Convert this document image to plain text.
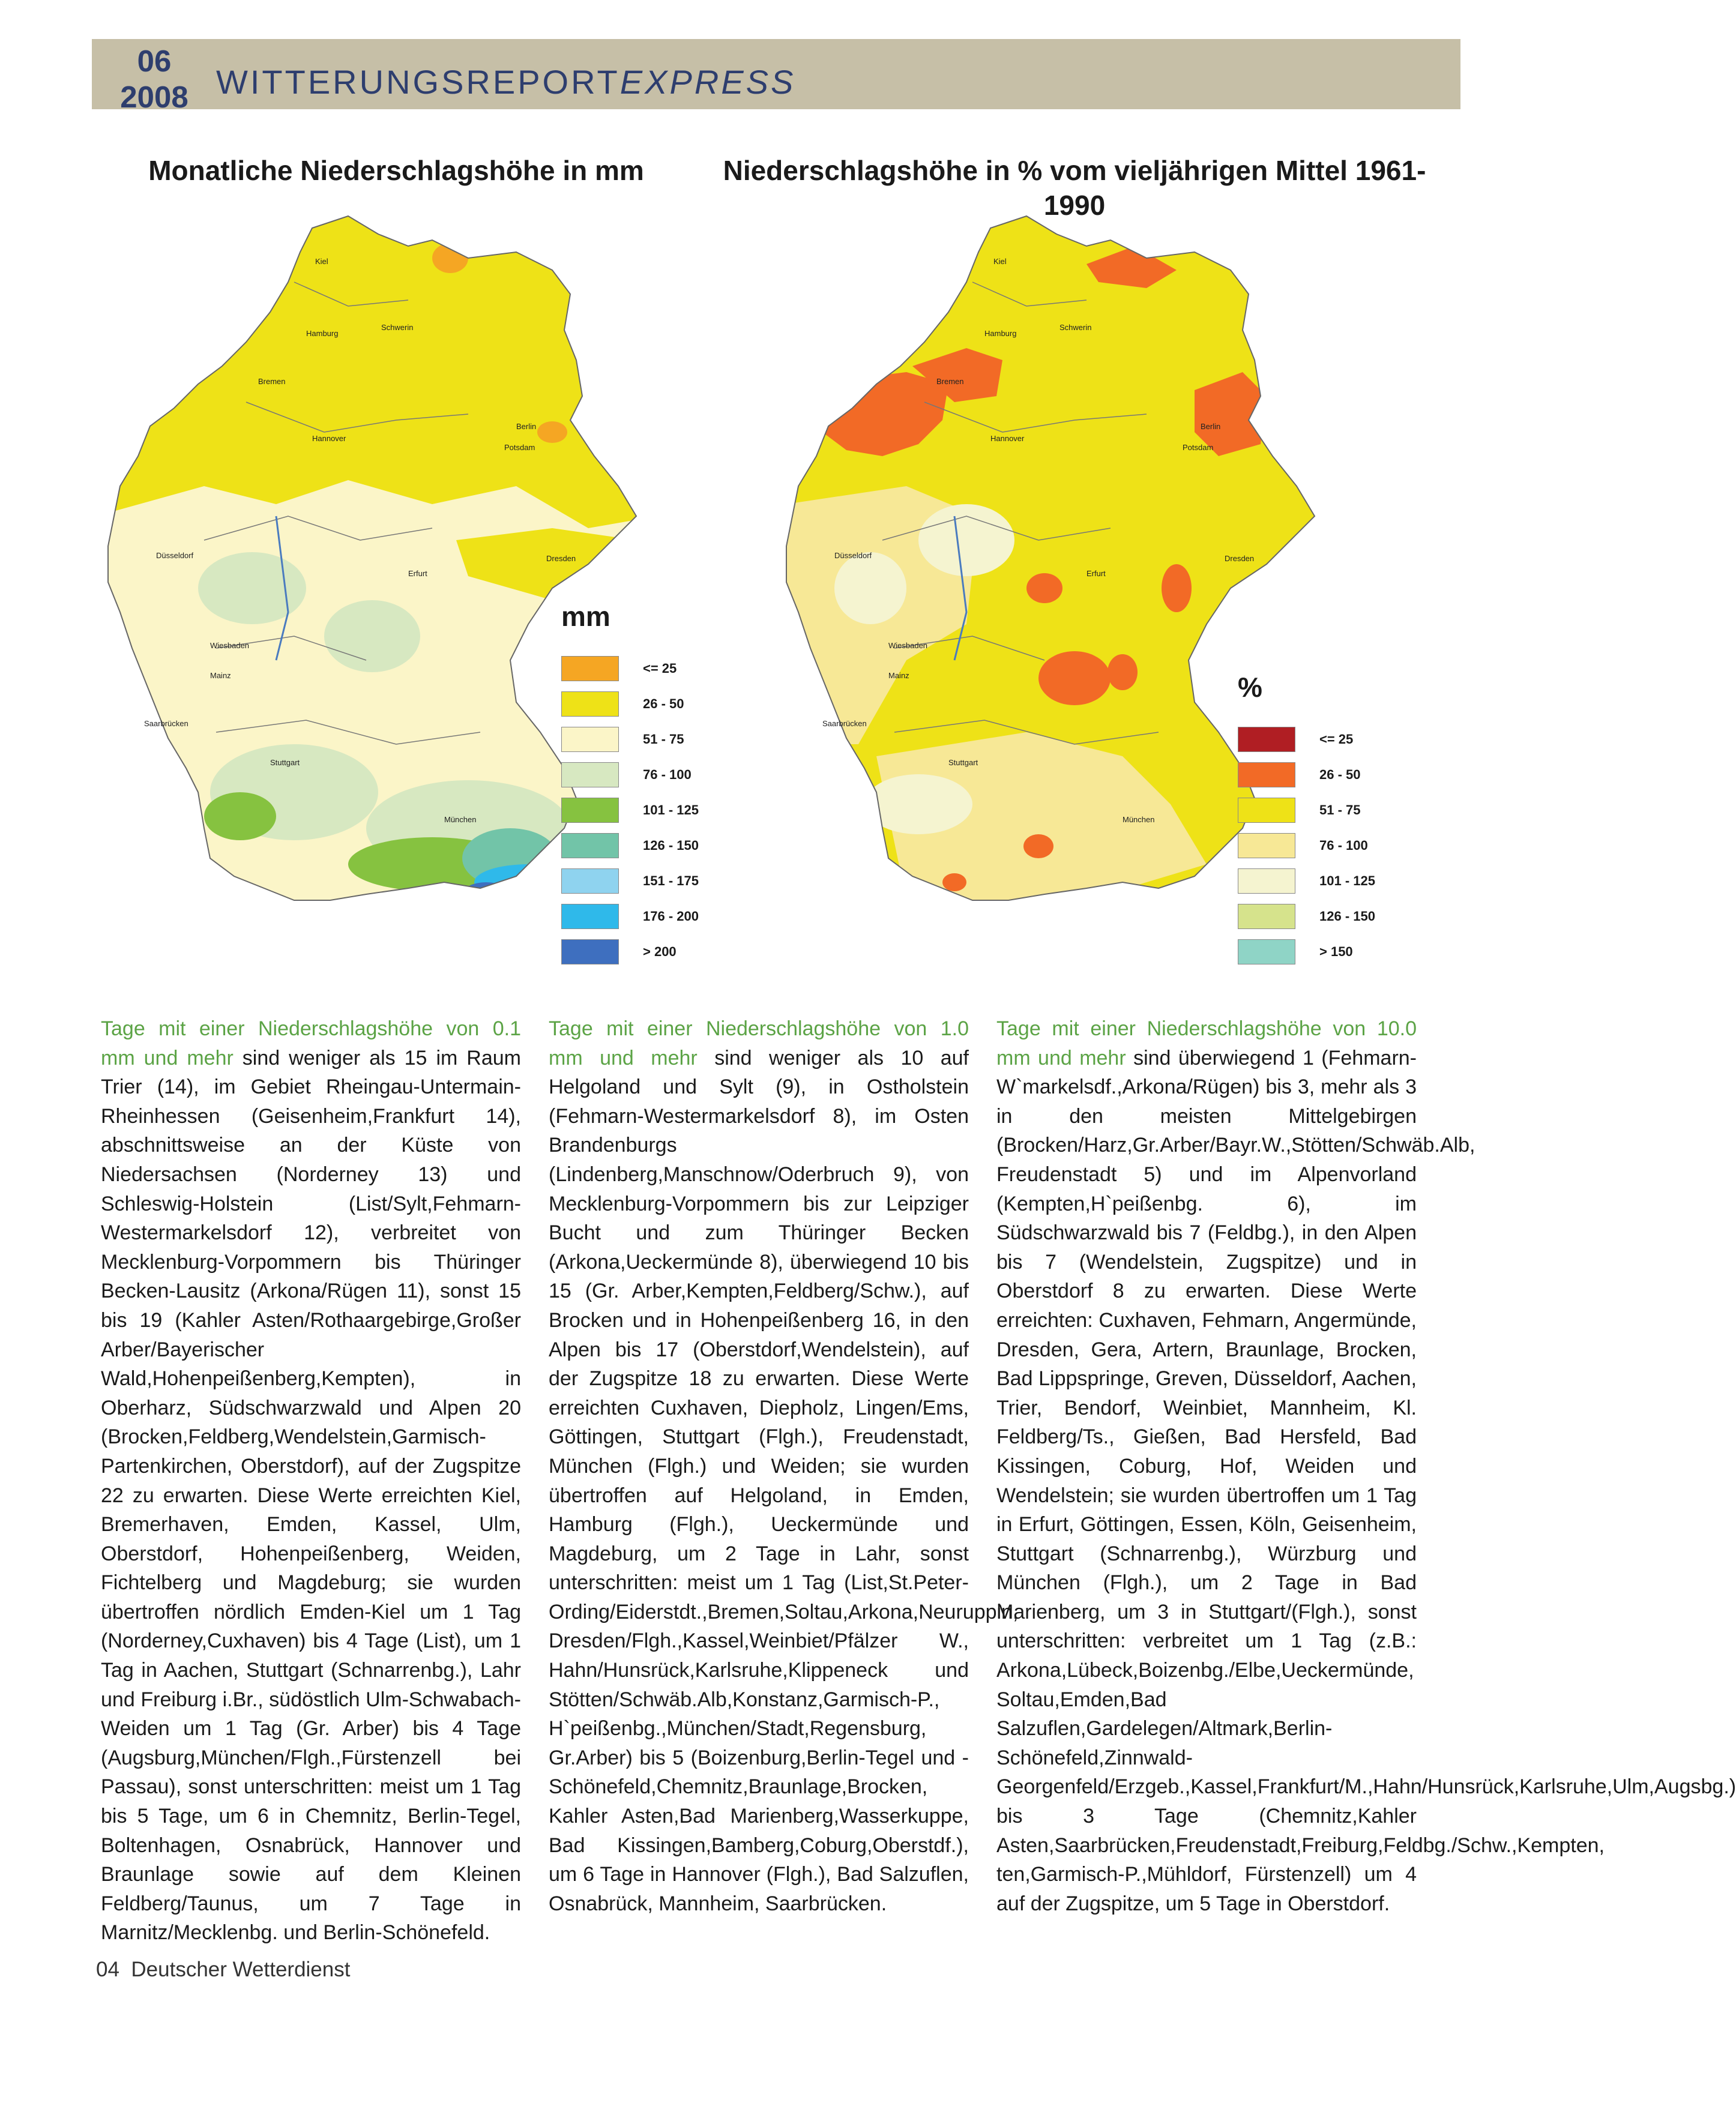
06
2008 WITTERUNGSREPORTEXPRESS
Monatliche Niederschlagshöhe in mm	Niederschlagshöhe in % vom vieljährigen Mittel 1961-1990
Kiel
Hamburg
Schwerin
Bremen
Hannover
Berlin
Potsdam
Düsseldorf
Erfurt
Dresden
Wiesbaden
Mainz
Saarbrücken
Stuttgart
München
Kiel
Hamburg
Schwerin
Bremen
Hannover
Berlin
Potsdam
Düsseldorf
Erfurt
Dresden
Wiesbaden
Mainz
Saarbrücken
Stuttgart
München
mm
<= 25
26 - 50
51 - 75
76 - 100
101 - 125
126 - 150
151 - 175
176 - 200
> 200
%
<= 25
26 - 50
51 - 75
76 - 100
101 - 125
126 - 150
> 150
Tage mit einer Niederschlagshöhe von 0.1 mm und mehr sind weniger als 15 im Raum Trier (14), im Gebiet Rheingau-Untermain-Rheinhessen (Geisenheim,Frankfurt 14), abschnittsweise an der Küste von Niedersachsen (Norderney 13) und Schleswig-Holstein (List/Sylt,Fehmarn-Westermarkelsdorf 12), verbreitet von Mecklenburg-Vorpommern bis Thüringer Becken-Lausitz (Arkona/Rügen 11), sonst 15 bis 19 (Kahler Asten/Rothaargebirge,Großer Arber/Bayerischer Wald,Hohenpeißenberg,Kempten), in Oberharz, Südschwarzwald und Alpen 20 (Brocken,Feldberg,Wendelstein,Garmisch-Partenkirchen, Oberstdorf), auf der Zugspitze 22 zu erwarten. Diese Werte erreichten Kiel, Bremerhaven, Emden, Kassel, Ulm, Oberstdorf, Hohenpeißenberg, Weiden, Fichtelberg und Magdeburg; sie wurden übertroffen nördlich Emden-Kiel um 1 Tag (Norderney,Cuxhaven) bis 4 Tage (List), um 1 Tag in Aachen, Stuttgart (Schnarrenbg.), Lahr und Freiburg i.Br., südöstlich Ulm-Schwabach-Weiden um 1 Tag (Gr. Arber) bis 4 Tage (Augsburg,München/Flgh.,Fürstenzell bei Passau), sonst unterschritten: meist um 1 Tag bis 5 Tage, um 6 in Chemnitz, Berlin-Tegel, Boltenhagen, Osnabrück, Hannover und Braunlage sowie auf dem Kleinen Feldberg/Taunus, um 7 Tage in Marnitz/Mecklenbg. und Berlin-Schönefeld.
Tage mit einer Niederschlagshöhe von 1.0 mm und mehr sind weniger als 10 auf Helgoland und Sylt (9), in Ostholstein (Fehmarn-Westermarkelsdorf 8), im Osten Brandenburgs (Lindenberg,Manschnow/Oderbruch 9), von Mecklenburg-Vorpommern bis zur Leipziger Bucht und zum Thüringer Becken (Arkona,Ueckermünde 8), überwiegend 10 bis 15 (Gr. Arber,Kempten,Feldberg/Schw.), auf Brocken und in Hohenpeißenberg 16, in den Alpen bis 17 (Oberstdorf,Wendelstein), auf der Zugspitze 18 zu erwarten. Diese Werte erreichten Cuxhaven, Diepholz, Lingen/Ems, Göttingen, Stuttgart (Flgh.), Freudenstadt, München (Flgh.) und Weiden; sie wurden übertroffen auf Helgoland, in Emden, Hamburg (Flgh.), Ueckermünde und Magdeburg, um 2 Tage in Lahr, sonst unterschritten: meist um 1 Tag (List,St.Peter-Ording/Eiderstdt.,Bremen,Soltau,Arkona,Neuruppin, Dresden/Flgh.,Kassel,Weinbiet/Pfälzer W., Hahn/Hunsrück,Karlsruhe,Klippeneck und Stötten/Schwäb.Alb,Konstanz,Garmisch-P., H`peißenbg.,München/Stadt,Regensburg, Gr.Arber) bis 5 (Boizenburg,Berlin-Tegel und -Schönefeld,Chemnitz,Braunlage,Brocken, Kahler Asten,Bad Marienberg,Wasserkuppe, Bad Kissingen,Bamberg,Coburg,Oberstdf.), um 6 Tage in Hannover (Flgh.), Bad Salzuflen, Osnabrück, Mannheim, Saarbrücken.
Tage mit einer Niederschlagshöhe von 10.0 mm und mehr sind überwiegend 1 (Fehmarn-W`markelsdf.,Arkona/Rügen) bis 3, mehr als 3 in den meisten Mittelgebirgen (Brocken/Harz,Gr.Arber/Bayr.W.,Stötten/Schwäb.Alb, Freudenstadt 5) und im Alpenvorland (Kempten,H`peißenbg. 6), im Südschwarzwald bis 7 (Feldbg.), in den Alpen bis 7 (Wendelstein, Zugspitze) und in Oberstdorf 8 zu erwarten. Diese Werte erreichten: Cuxhaven, Fehmarn, Angermünde, Dresden, Gera, Artern, Braunlage, Brocken, Bad Lippspringe, Greven, Düsseldorf, Aachen, Trier, Bendorf, Weinbiet, Mannheim, Kl. Feldberg/Ts., Gießen, Bad Hersfeld, Bad Kissingen, Coburg, Hof, Weiden und Wendelstein; sie wurden übertroffen um 1 Tag in Erfurt, Göttingen, Essen, Köln, Geisenheim, Stuttgart (Schnarrenbg.), Würzburg und München (Flgh.), um 2 Tage in Bad Marienberg, um 3 in Stuttgart/(Flgh.), sonst unterschritten: verbreitet um 1 Tag (z.B.: Arkona,Lübeck,Boizenbg./Elbe,Ueckermünde, Soltau,Emden,Bad Salzuflen,Gardelegen/Altmark,Berlin-Schönefeld,Zinnwald-Georgenfeld/Erzgeb.,Kassel,Frankfurt/M.,Hahn/Hunsrück,Karlsruhe,Ulm,Augsbg.) bis 3 Tage (Chemnitz,Kahler Asten,Saarbrücken,Freudenstadt,Freiburg,Feldbg./Schw.,Kempten, ten,Garmisch-P.,Mühldorf, Fürstenzell) um 4 auf der Zugspitze, um 5 Tage in Oberstdorf.
04 Deutscher Wetterdienst
